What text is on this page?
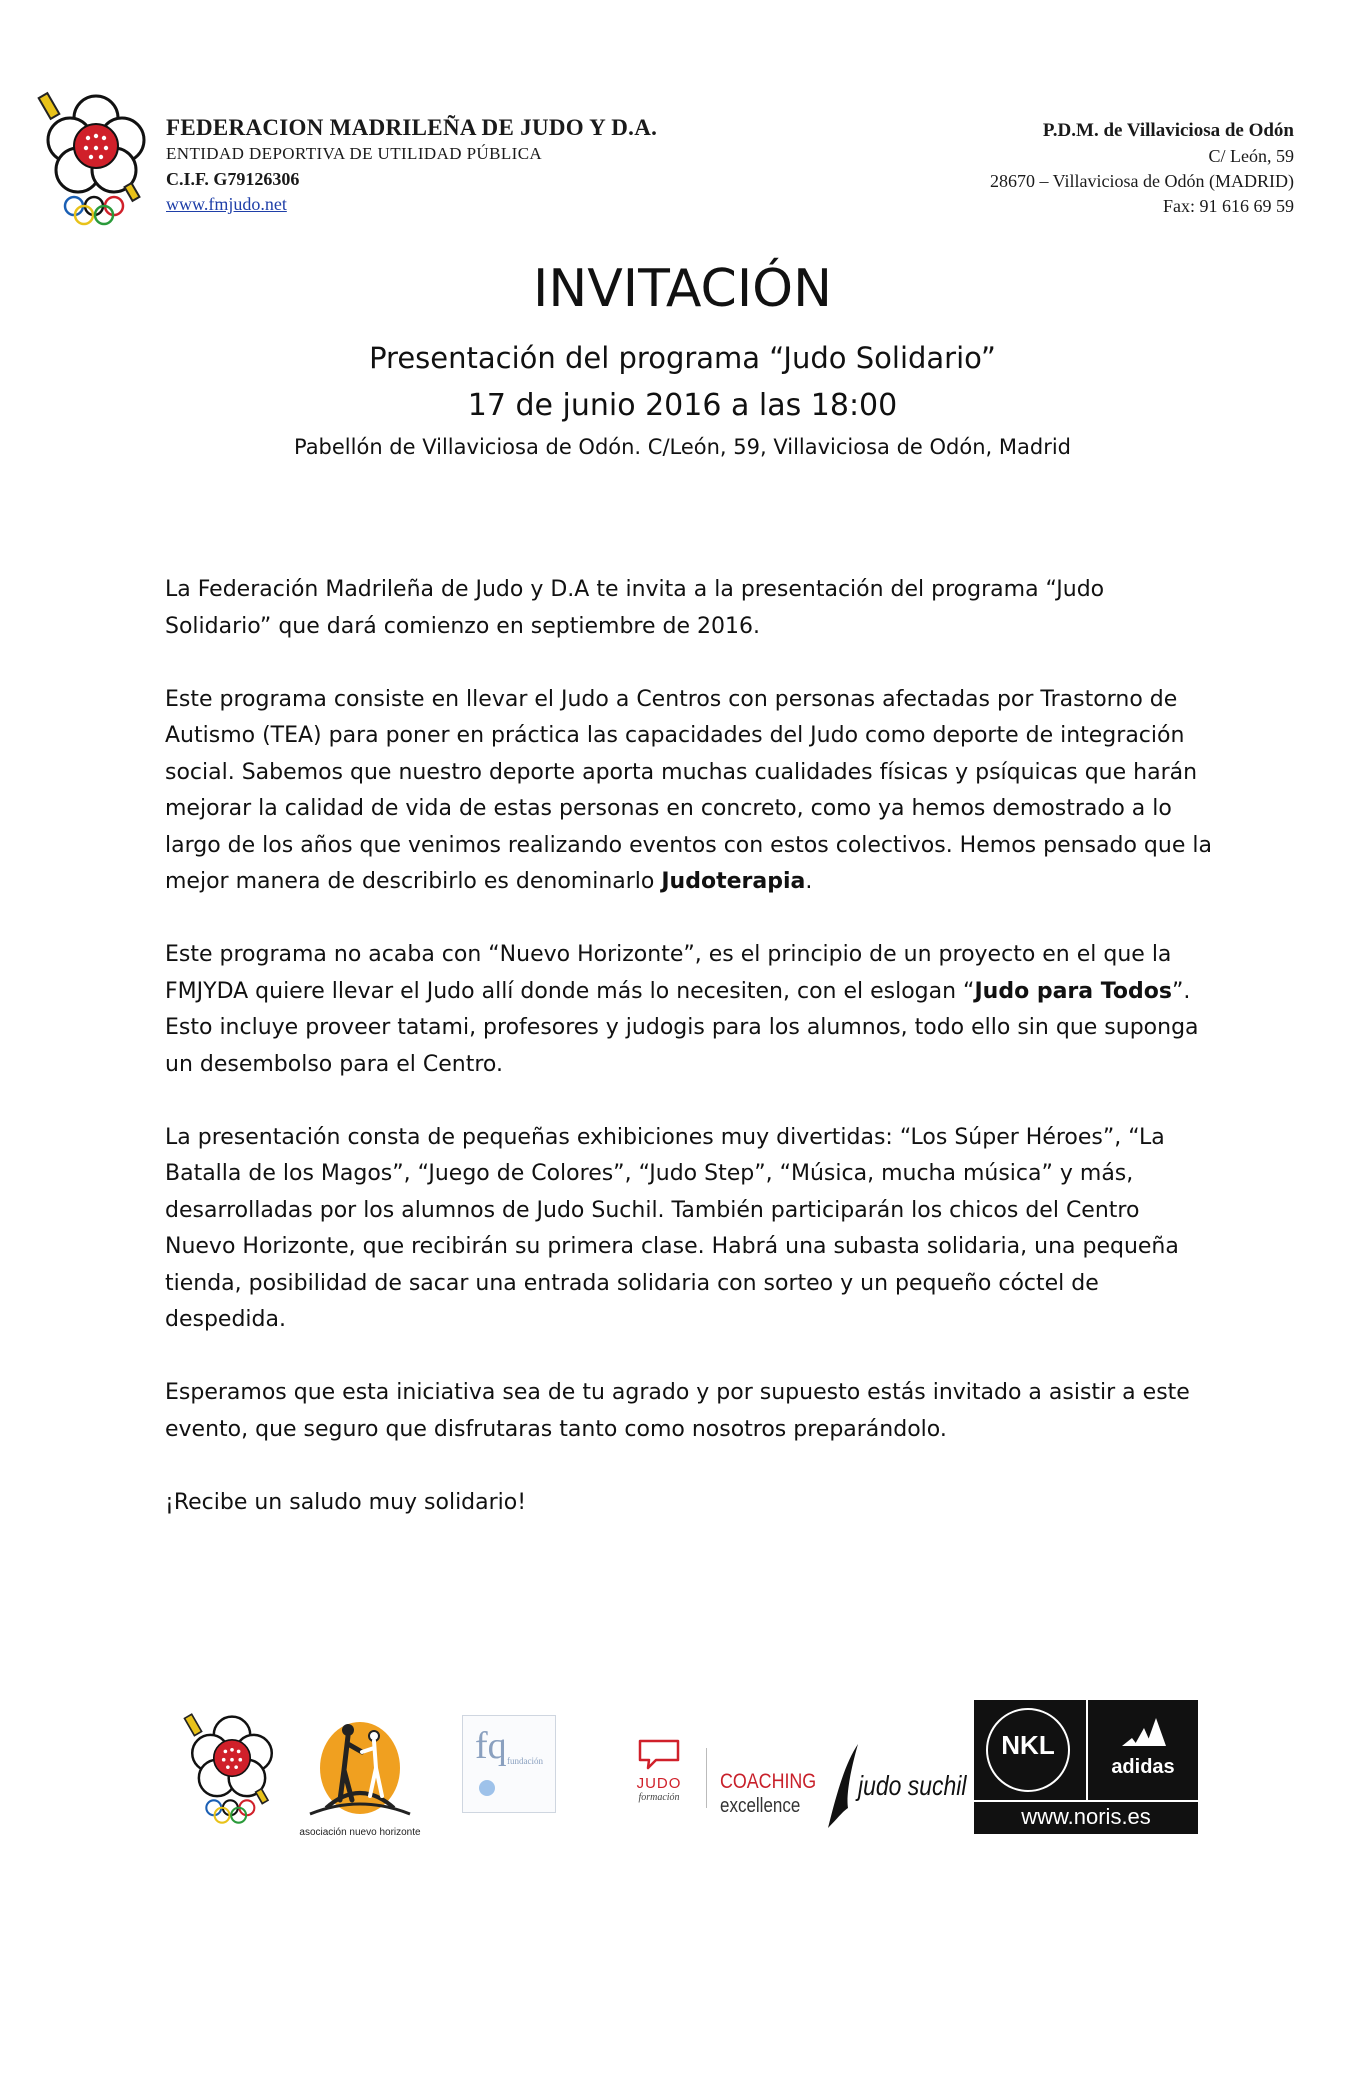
FEDERACION MADRILEÑA DE JUDO Y D.A.
ENTIDAD DEPORTIVA DE UTILIDAD PÚBLICA
C.I.F. G79126306
www.fmjudo.net
P.D.M. de Villaviciosa de Odón
C/ León, 59
28670 – Villaviciosa de Odón (MADRID)
Fax: 91 616 69 59
INVITACIÓN
Presentación del programa “Judo Solidario”
17 de junio 2016 a las 18:00
Pabellón de Villaviciosa de Odón. C/León, 59, Villaviciosa de Odón, Madrid

La Federación Madrileña de Judo y D.A te invita a la presentación del programa “Judo Solidario” que dará comienzo en septiembre de 2016.

Este programa consiste en llevar el Judo a Centros con personas afectadas por Trastorno de Autismo (TEA) para poner en práctica las capacidades del Judo como deporte de integración social. Sabemos que nuestro deporte aporta muchas cualidades físicas y psíquicas que harán mejorar la calidad de vida de estas personas en concreto, como ya hemos demostrado a lo largo de los años que venimos realizando eventos con estos colectivos. Hemos pensado que la mejor manera de describirlo es denominarlo Judoterapia.

Este programa no acaba con “Nuevo Horizonte”, es el principio de un proyecto en el que la FMJYDA quiere llevar el Judo allí donde más lo necesiten, con el eslogan “Judo para Todos”. Esto incluye proveer tatami, profesores y judogis para los alumnos, todo ello sin que suponga un desembolso para el Centro.

La presentación consta de pequeñas exhibiciones muy divertidas: “Los Súper Héroes”, “La Batalla de los Magos”, “Juego de Colores”, “Judo Step”, “Música, mucha música” y más, desarrolladas por los alumnos de Judo Suchil. También participarán los chicos del Centro Nuevo Horizonte, que recibirán su primera clase. Habrá una subasta solidaria, una pequeña tienda, posibilidad de sacar una entrada solidaria con sorteo y un pequeño cóctel de despedida.

Esperamos que esta iniciativa sea de tu agrado y por supuesto estás invitado a asistir a este evento, que seguro que disfrutaras tanto como nosotros preparándolo.

¡Recibe un saludo muy solidario!

asociación nuevo horizonte
fq fundación
JUDO
formación
COACHING
excellence
judo suchil
NKL
adidas
www.noris.es
